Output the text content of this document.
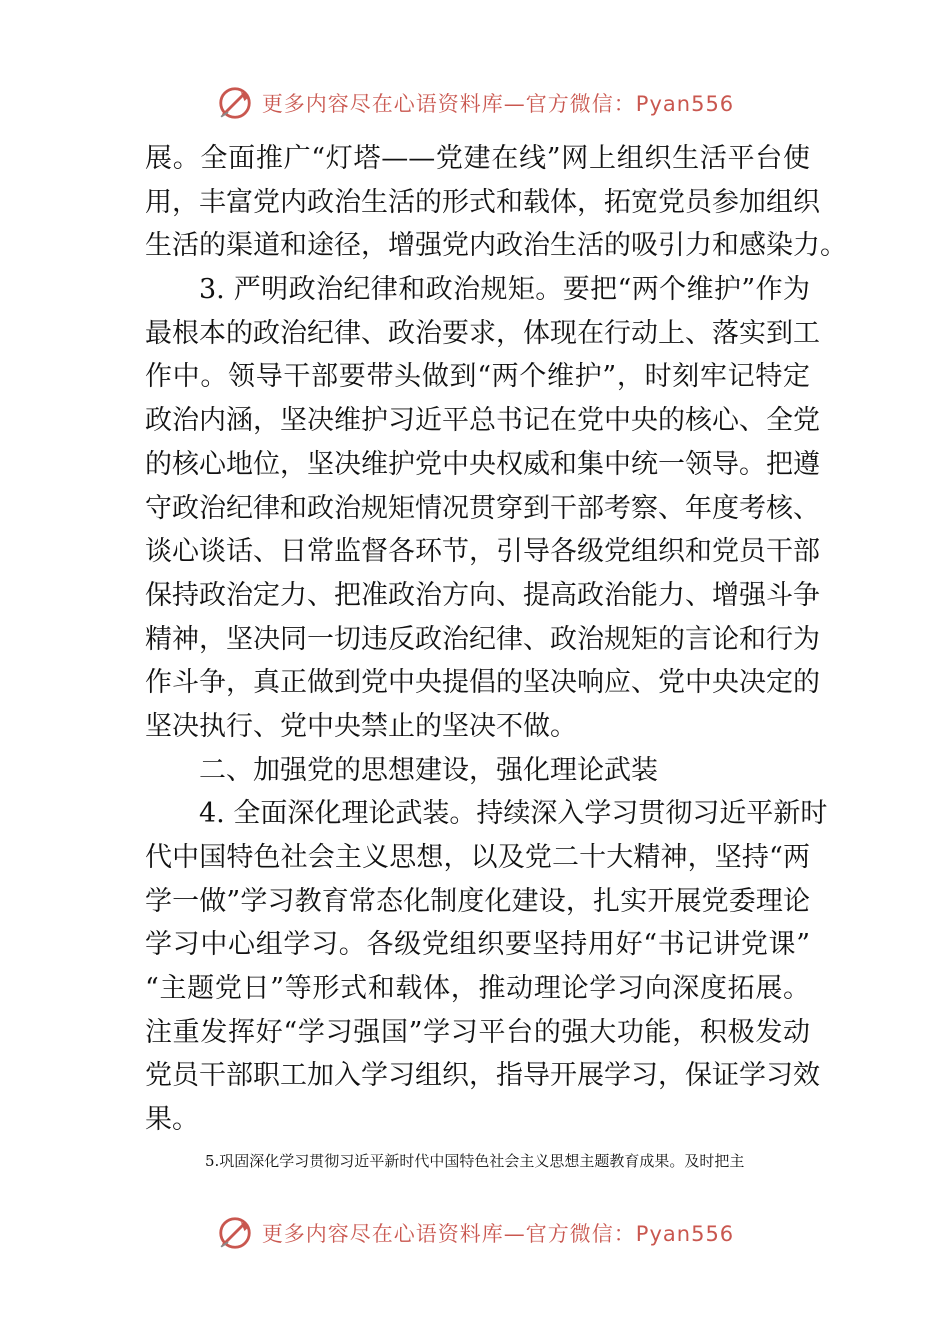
更多内容尽在心语资料库—官方微信：Pyan556
展。全面推广“灯塔——党建在线”网上组织生活平台使
用，丰富党内政治生活的形式和载体，拓宽党员参加组织
生活的渠道和途径，增强党内政治生活的吸引力和感染力。
3. 严明政治纪律和政治规矩。要把“两个维护”作为
最根本的政治纪律、政治要求，体现在行动上、落实到工
作中。领导干部要带头做到“两个维护”，时刻牢记特定
政治内涵，坚决维护习近平总书记在党中央的核心、全党
的核心地位，坚决维护党中央权威和集中统一领导。把遵
守政治纪律和政治规矩情况贯穿到干部考察、年度考核、
谈心谈话、日常监督各环节，引导各级党组织和党员干部
保持政治定力、把准政治方向、提高政治能力、增强斗争
精神，坚决同一切违反政治纪律、政治规矩的言论和行为
作斗争，真正做到党中央提倡的坚决响应、党中央决定的
坚决执行、党中央禁止的坚决不做。
二、加强党的思想建设，强化理论武装
4. 全面深化理论武装。持续深入学习贯彻习近平新时
代中国特色社会主义思想，以及党二十大精神，坚持“两
学一做”学习教育常态化制度化建设，扎实开展党委理论
学习中心组学习。各级党组织要坚持用好“书记讲党课”
“主题党日”等形式和载体，推动理论学习向深度拓展。
注重发挥好“学习强国”学习平台的强大功能，积极发动
党员干部职工加入学习组织，指导开展学习，保证学习效
果。
5.巩固深化学习贯彻习近平新时代中国特色社会主义思想主题教育成果。及时把主
更多内容尽在心语资料库—官方微信：Pyan556
